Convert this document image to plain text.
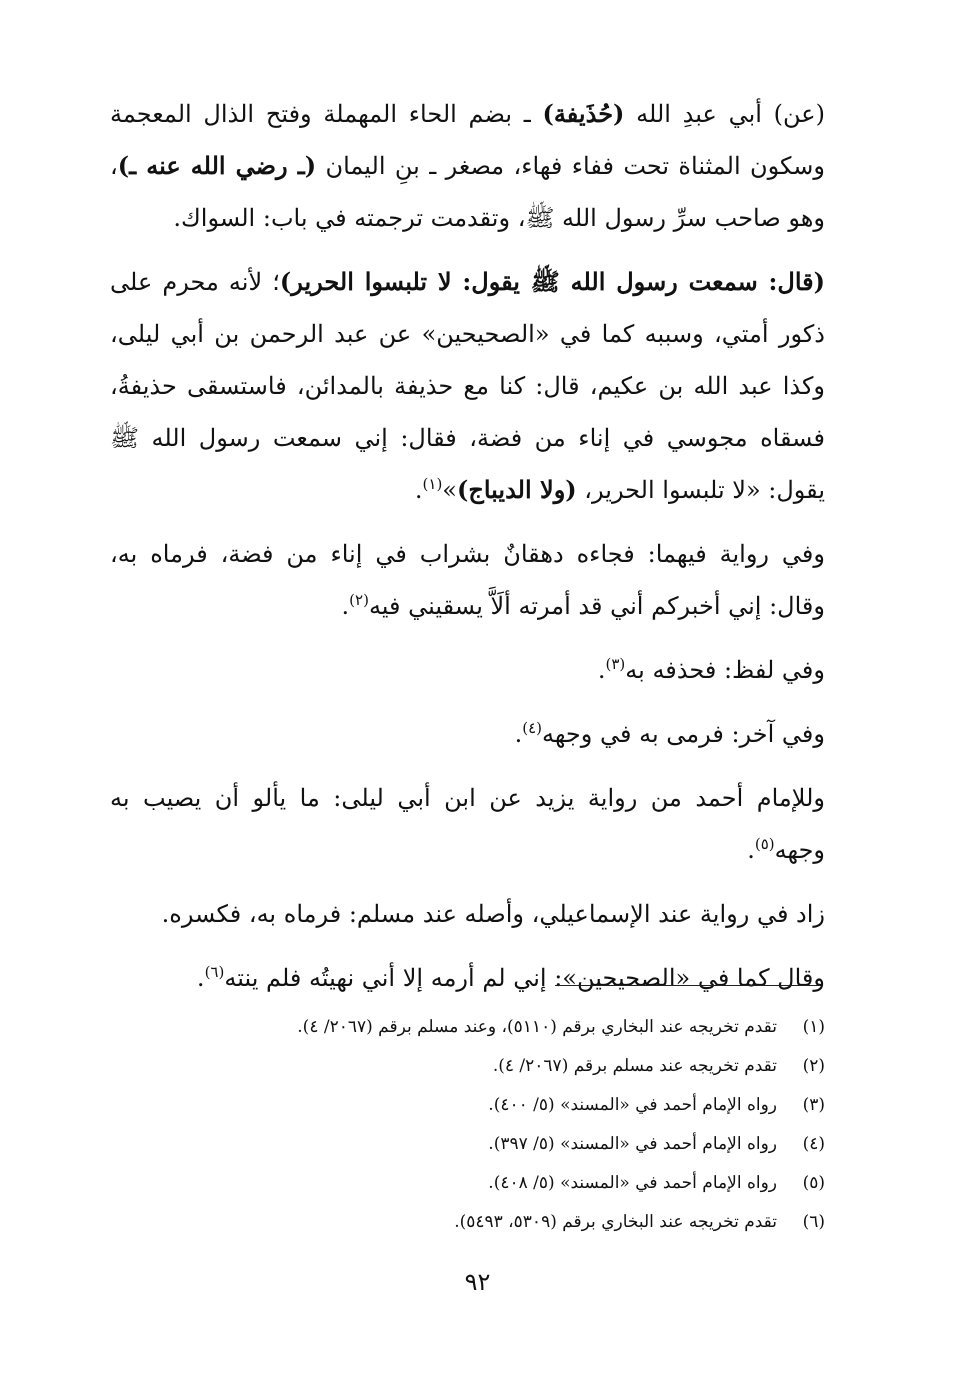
(عن) أبي عبدِ الله (حُذَيفة) ـ بضم الحاء المهملة وفتح الذال المعجمة وسكون المثناة تحت ففاء فهاء، مصغر ـ بنِ اليمان (ـ رضي الله عنه ـ)، وهو صاحب سرِّ رسول الله ﷺ، وتقدمت ترجمته في باب: السواك.

(قال: سمعت رسول الله ﷺ يقول: لا تلبسوا الحرير)؛ لأنه محرم على ذكور أمتي، وسببه كما في «الصحيحين» عن عبد الرحمن بن أبي ليلى، وكذا عبد الله بن عكيم، قال: كنا مع حذيفة بالمدائن، فاستسقى حذيفةُ، فسقاه مجوسي في إناء من فضة، فقال: إني سمعت رسول الله ﷺ يقول: «لا تلبسوا الحرير، (ولا الديباج)»$^{(١)}$.

وفي رواية فيهما: فجاءه دهقانٌ بشراب في إناء من فضة، فرماه به، وقال: إني أخبركم أني قد أمرته ألَاَّ يسقيني فيه$^{(٢)}$.

وفي لفظ: فحذفه به$^{(٣)}$.

وفي آخر: فرمى به في وجهه$^{(٤)}$.

وللإمام أحمد من رواية يزيد عن ابن أبي ليلى: ما يألو أن يصيب به وجهه$^{(٥)}$.

زاد في رواية عند الإسماعيلي، وأصله عند مسلم: فرماه به، فكسره.

وقال كما في «الصحيحين»: إني لم أرمه إلا أني نهيتُه فلم ينته$^{(٦)}$.

(١)
تقدم تخريجه عند البخاري برقم (٥١١٠)، وعند مسلم برقم (٢٠٦٧/ ٤).
(٢)
تقدم تخريجه عند مسلم برقم (٢٠٦٧/ ٤).
(٣)
رواه الإمام أحمد في «المسند» (٥/ ٤٠٠).
(٤)
رواه الإمام أحمد في «المسند» (٥/ ٣٩٧).
(٥)
رواه الإمام أحمد في «المسند» (٥/ ٤٠٨).
(٦)
تقدم تخريجه عند البخاري برقم (٥٣٠٩، ٥٤٩٣).
٩٢
